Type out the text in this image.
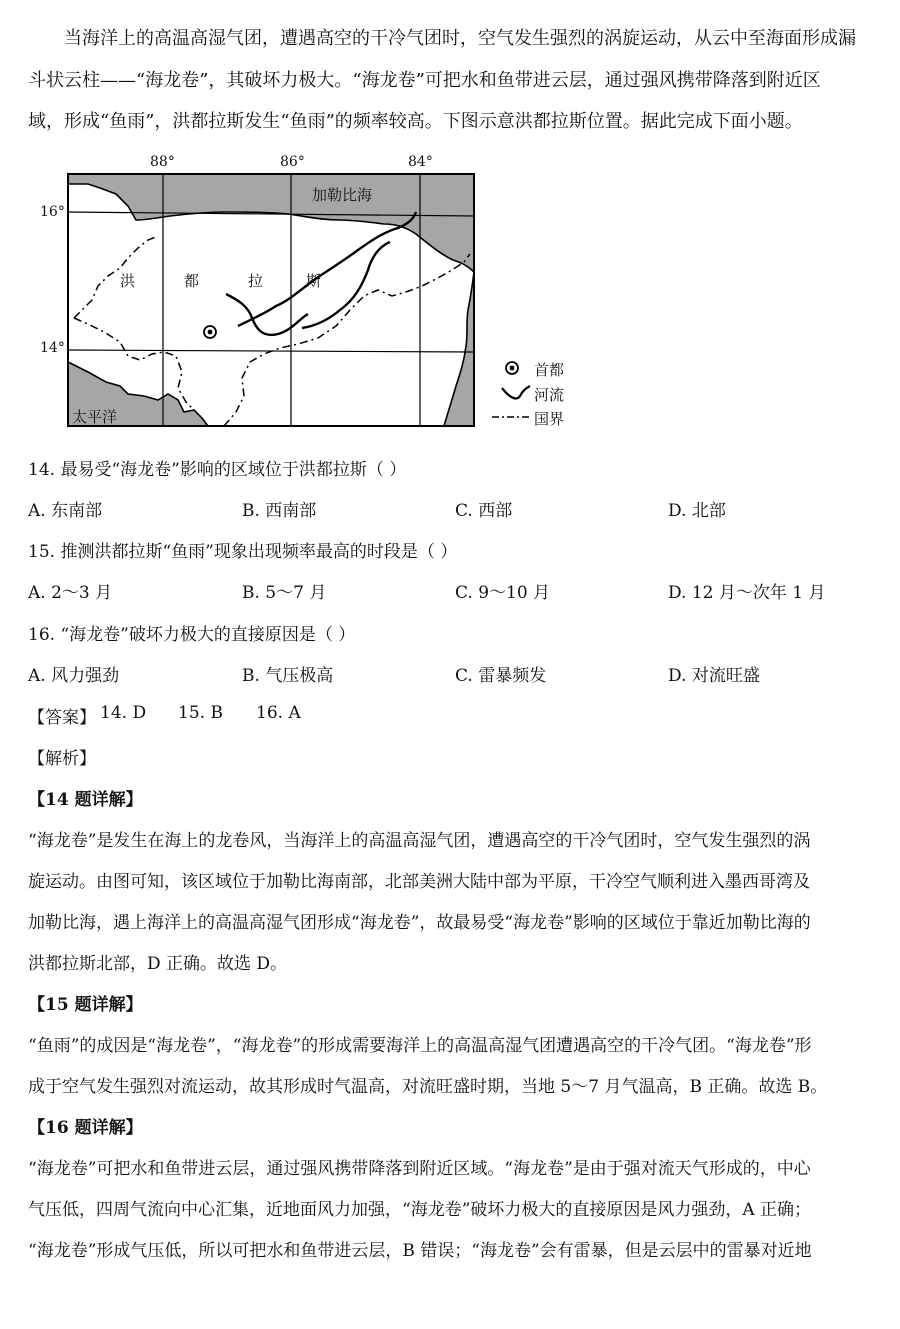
当海洋上的高温高湿气团，遭遇高空的干冷气团时，空气发生强烈的涡旋运动，从云中至海面形成漏
斗状云柱——“海龙卷”，其破坏力极大。“海龙卷”可把水和鱼带进云层，通过强风携带降落到附近区
域，形成“鱼雨”，洪都拉斯发生“鱼雨”的频率较高。下图示意洪都拉斯位置。据此完成下面小题。
88°	86°	84°
16°
14°
加勒比海
太平洋
洪	都	拉	斯
首都
河流
国界
14. 最易受“海龙卷”影响的区域位于洪都拉斯（ ）
A. 东南部	B. 西南部	C. 西部	D. 北部
15. 推测洪都拉斯“鱼雨”现象出现频率最高的时段是（ ）
A. 2～3 月	B. 5～7 月	C. 9～10 月	D. 12 月～次年 1 月
16. “海龙卷”破坏力极大的直接原因是（ ）
A. 风力强劲	B. 气压极高	C. 雷暴频发	D. 对流旺盛
【答案】 14. D 15. B 16. A
【解析】
【14 题详解】
“海龙卷”是发生在海上的龙卷风，当海洋上的高温高湿气团，遭遇高空的干冷气团时，空气发生强烈的涡
旋运动。由图可知，该区域位于加勒比海南部，北部美洲大陆中部为平原，干冷空气顺利进入墨西哥湾及
加勒比海，遇上海洋上的高温高湿气团形成“海龙卷”，故最易受“海龙卷”影响的区域位于靠近加勒比海的
洪都拉斯北部，D 正确。故选 D。
【15 题详解】
“鱼雨”的成因是“海龙卷”，“海龙卷”的形成需要海洋上的高温高湿气团遭遇高空的干冷气团。“海龙卷”形
成于空气发生强烈对流运动，故其形成时气温高，对流旺盛时期，当地 5～7 月气温高，B 正确。故选 B。
【16 题详解】
“海龙卷”可把水和鱼带进云层，通过强风携带降落到附近区域。“海龙卷”是由于强对流天气形成的，中心
气压低，四周气流向中心汇集，近地面风力加强，“海龙卷”破坏力极大的直接原因是风力强劲，A 正确；
“海龙卷”形成气压低，所以可把水和鱼带进云层，B 错误；“海龙卷”会有雷暴，但是云层中的雷暴对近地
